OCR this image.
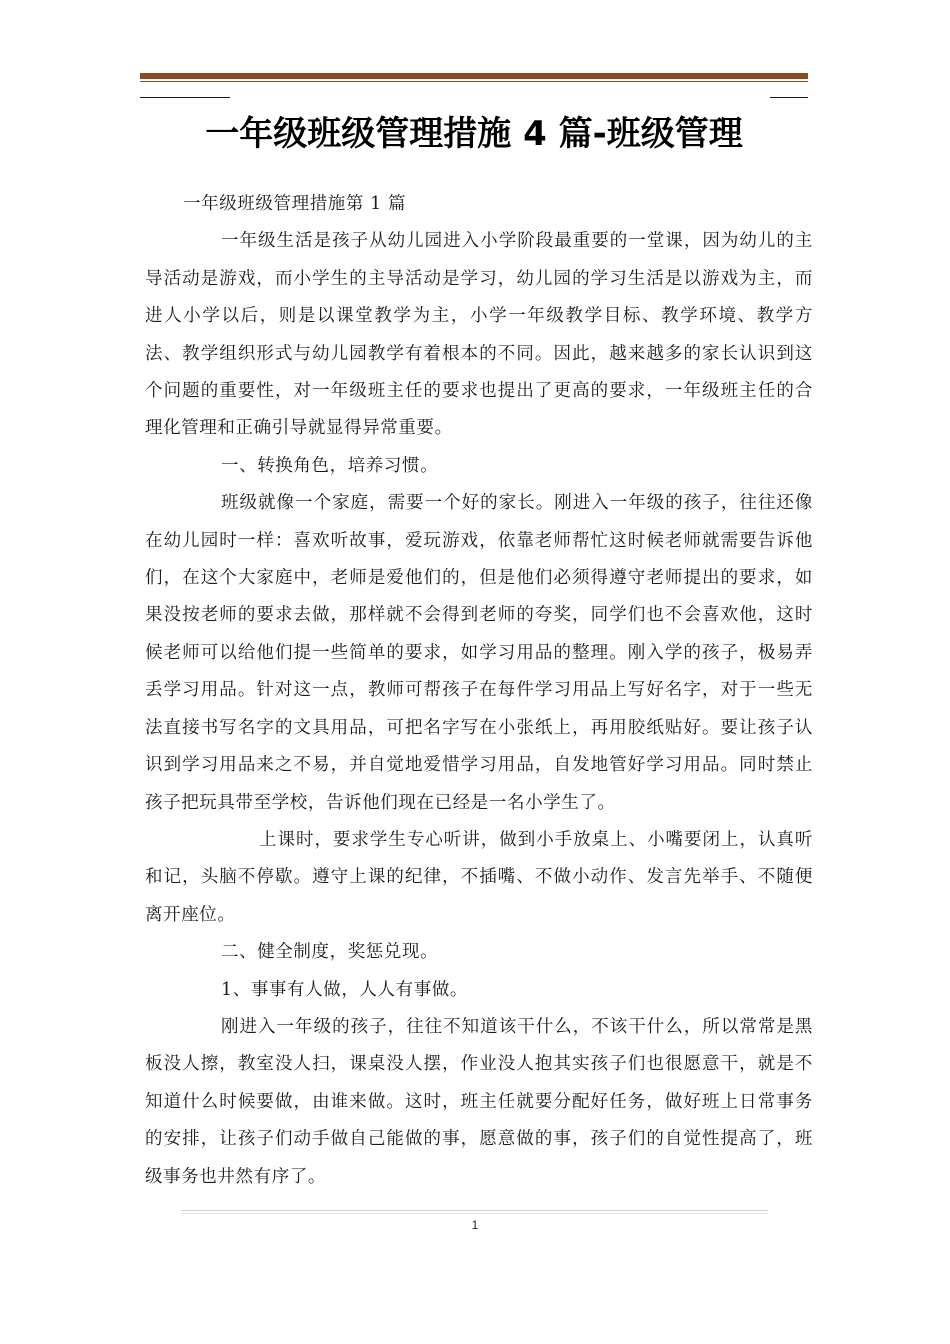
一年级班级管理措施 4 篇-班级管理

一年级班级管理措施第 1 篇

一年级生活是孩子从幼儿园进入小学阶段最重要的一堂课，因为幼儿的主导活动是游戏，而小学生的主导活动是学习，幼儿园的学习生活是以游戏为主，而进人小学以后，则是以课堂教学为主，小学一年级教学目标、教学环境、教学方法、教学组织形式与幼儿园教学有着根本的不同。因此，越来越多的家长认识到这个问题的重要性，对一年级班主任的要求也提出了更高的要求，一年级班主任的合理化管理和正确引导就显得异常重要。

一、转换角色，培养习惯。

班级就像一个家庭，需要一个好的家长。刚进入一年级的孩子，往往还像在幼儿园时一样：喜欢听故事，爱玩游戏，依靠老师帮忙这时候老师就需要告诉他们，在这个大家庭中，老师是爱他们的，但是他们必须得遵守老师提出的要求，如果没按老师的要求去做，那样就不会得到老师的夸奖，同学们也不会喜欢他，这时候老师可以给他们提一些简单的要求，如学习用品的整理。刚入学的孩子，极易弄丢学习用品。针对这一点，教师可帮孩子在每件学习用品上写好名字，对于一些无法直接书写名字的文具用品，可把名字写在小张纸上，再用胶纸贴好。要让孩子认识到学习用品来之不易，并自觉地爱惜学习用品，自发地管好学习用品。同时禁止孩子把玩具带至学校，告诉他们现在已经是一名小学生了。

上课时，要求学生专心听讲，做到小手放桌上、小嘴要闭上，认真听和记，头脑不停歇。遵守上课的纪律，不插嘴、不做小动作、发言先举手、不随便离开座位。

二、健全制度，奖惩兑现。

1、事事有人做，人人有事做。

刚进入一年级的孩子，往往不知道该干什么，不该干什么，所以常常是黑板没人擦，教室没人扫，课桌没人摆，作业没人抱其实孩子们也很愿意干，就是不知道什么时候要做，由谁来做。这时，班主任就要分配好任务，做好班上日常事务的安排，让孩子们动手做自己能做的事，愿意做的事，孩子们的自觉性提高了，班级事务也井然有序了。

1
